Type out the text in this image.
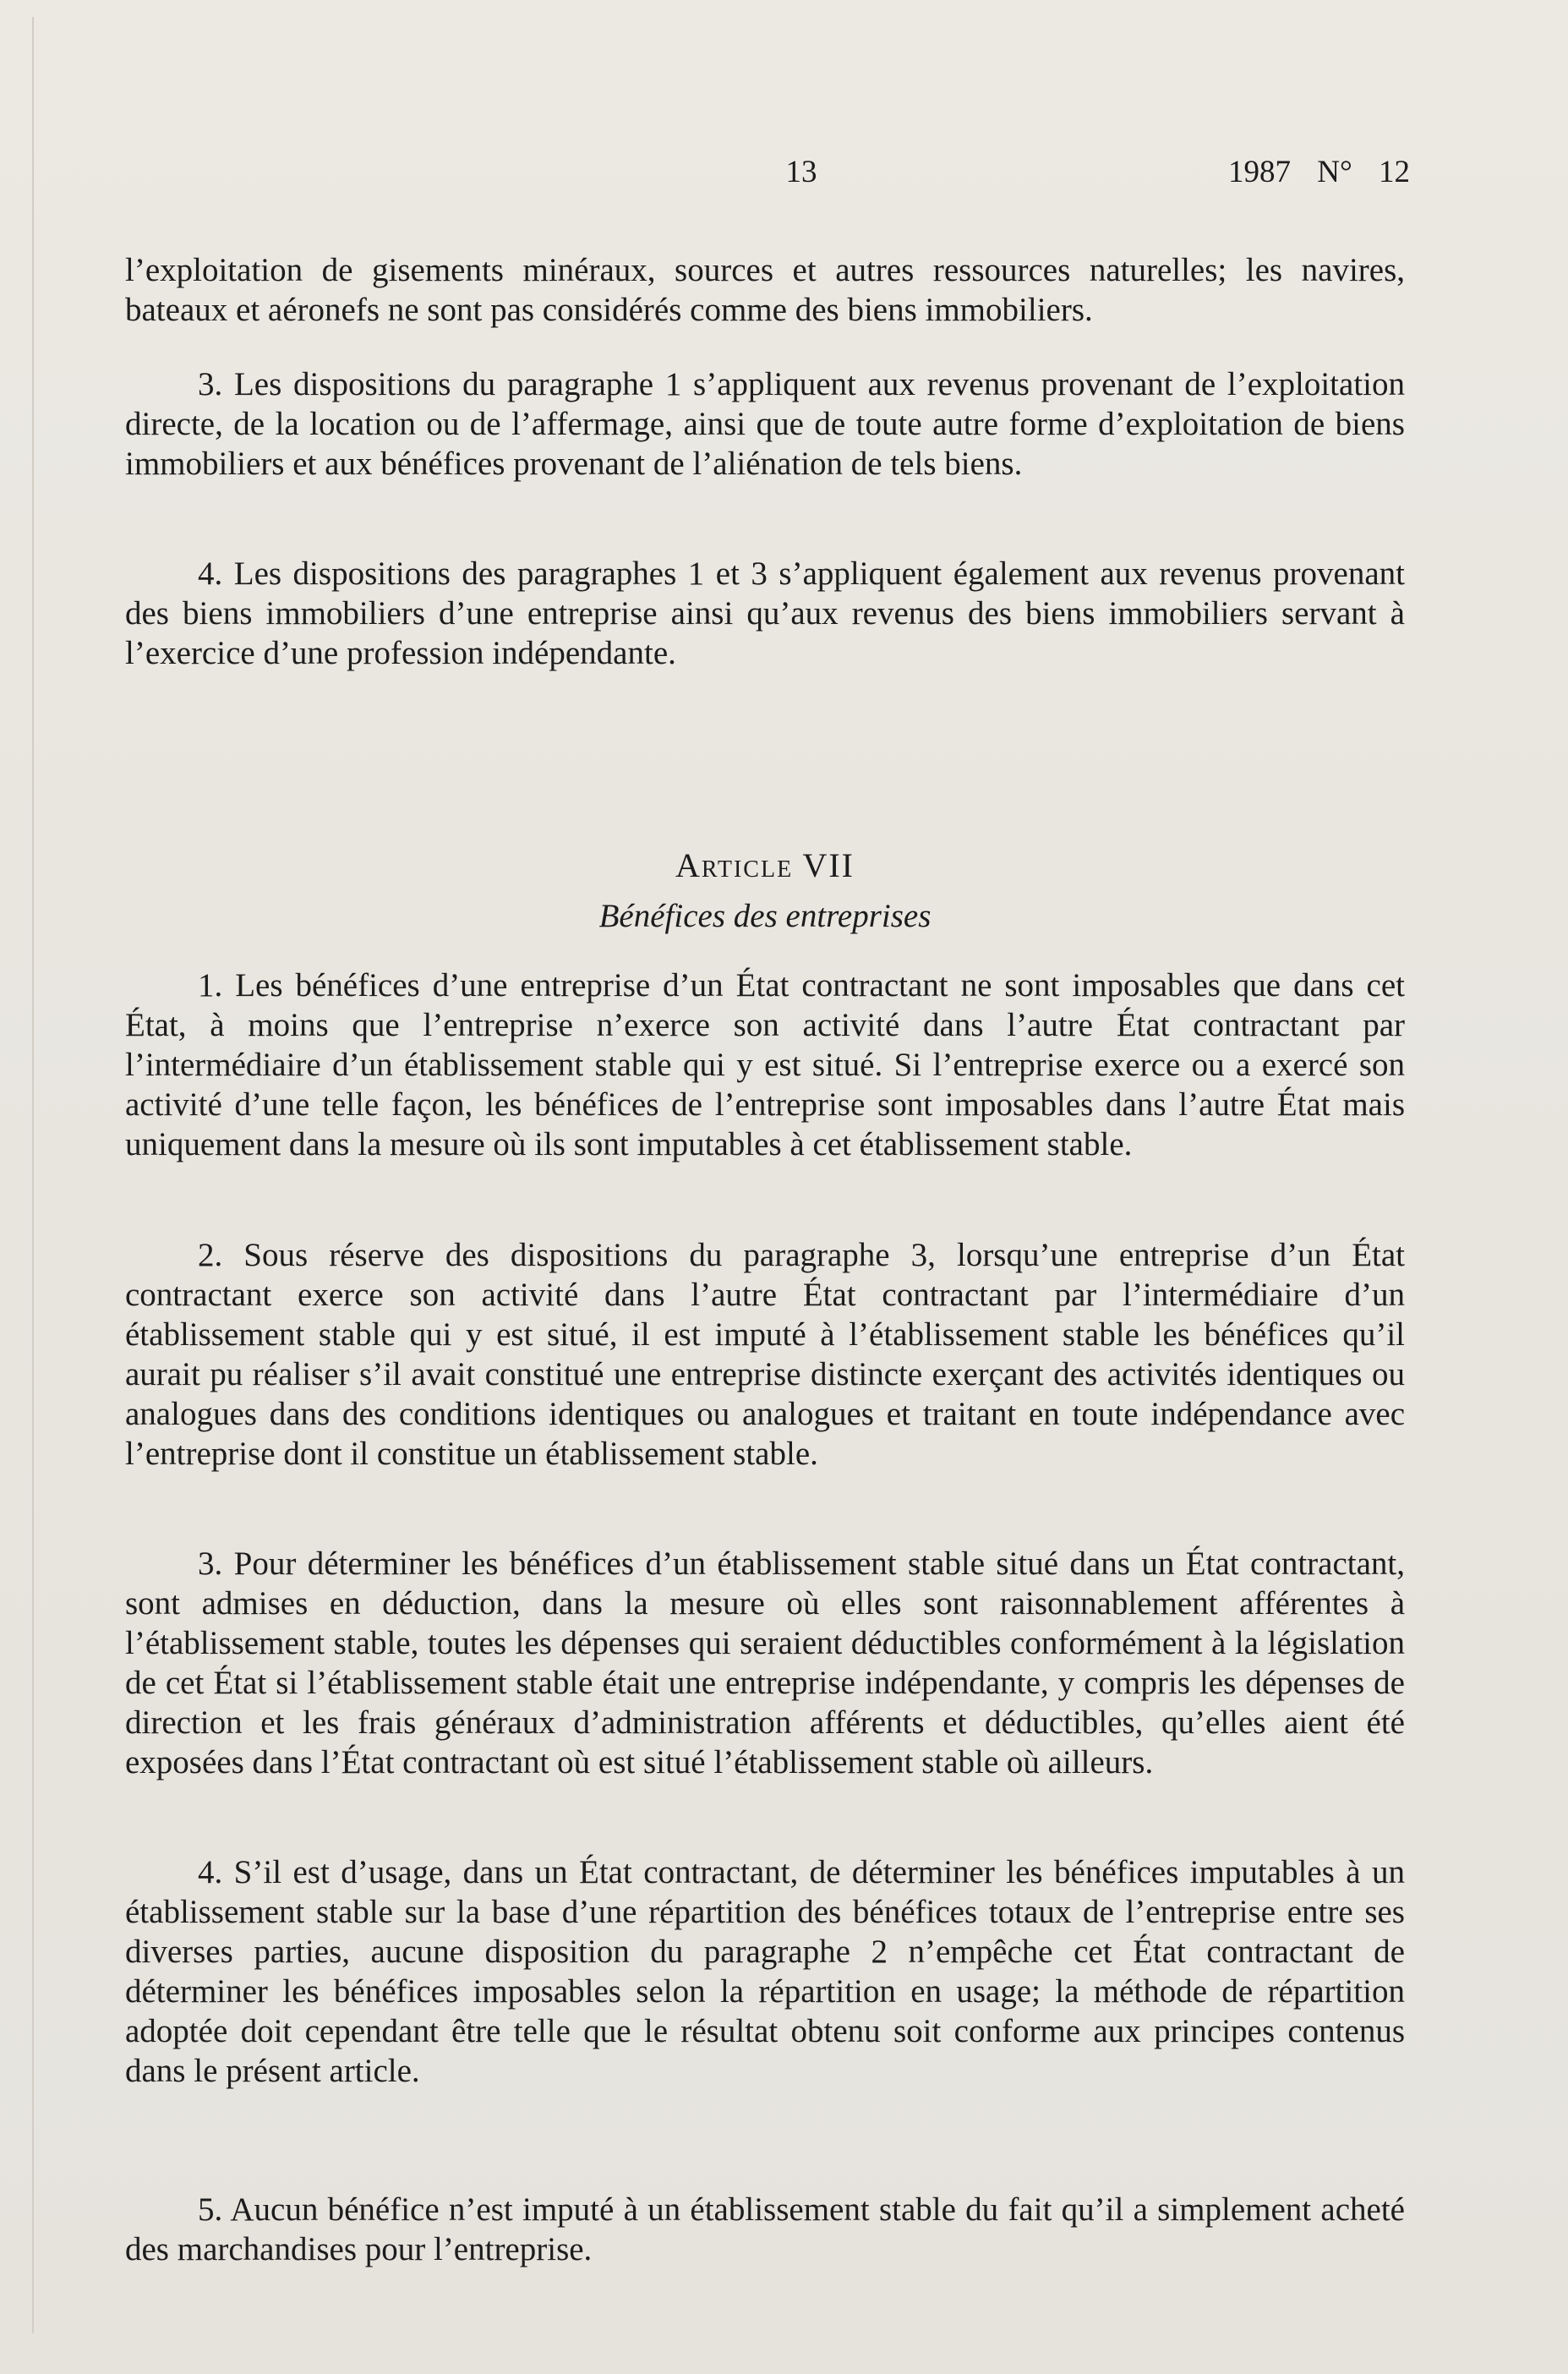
13	1987 N° 12

l’exploitation de gisements minéraux, sources et autres ressources naturelles; les navires, bateaux et aéronefs ne sont pas considérés comme des biens immobiliers.

3. Les dispositions du paragraphe 1 s’appliquent aux revenus provenant de l’exploitation directe, de la location ou de l’affermage, ainsi que de toute autre forme d’exploitation de biens immobiliers et aux bénéfices provenant de l’aliénation de tels biens.

4. Les dispositions des paragraphes 1 et 3 s’appliquent également aux revenus provenant des biens immobiliers d’une entreprise ainsi qu’aux revenus des biens immobiliers servant à l’exercice d’une profession indépendante.

Article VII
Bénéfices des entreprises

1. Les bénéfices d’une entreprise d’un État contractant ne sont imposables que dans cet État, à moins que l’entreprise n’exerce son activité dans l’autre État contractant par l’intermédiaire d’un établissement stable qui y est situé. Si l’entreprise exerce ou a exercé son activité d’une telle façon, les bénéfices de l’entreprise sont imposables dans l’autre État mais uniquement dans la mesure où ils sont imputables à cet établissement stable.

2. Sous réserve des dispositions du paragraphe 3, lorsqu’une entreprise d’un État contractant exerce son activité dans l’autre État contractant par l’intermédiaire d’un établissement stable qui y est situé, il est imputé à l’établissement stable les bénéfices qu’il aurait pu réaliser s’il avait constitué une entreprise distincte exerçant des activités identiques ou analogues dans des conditions identiques ou analogues et traitant en toute indépendance avec l’entreprise dont il constitue un établissement stable.

3. Pour déterminer les bénéfices d’un établissement stable situé dans un État contractant, sont admises en déduction, dans la mesure où elles sont raisonnablement afférentes à l’établissement stable, toutes les dépenses qui seraient déductibles conformément à la législation de cet État si l’établissement stable était une entreprise indépendante, y compris les dépenses de direction et les frais généraux d’administration afférents et déductibles, qu’elles aient été exposées dans l’État contractant où est situé l’établissement stable où ailleurs.

4. S’il est d’usage, dans un État contractant, de déterminer les bénéfices imputables à un établissement stable sur la base d’une répartition des bénéfices totaux de l’entreprise entre ses diverses parties, aucune disposition du paragraphe 2 n’empêche cet État contractant de déterminer les bénéfices imposables selon la répartition en usage; la méthode de répartition adoptée doit cependant être telle que le résultat obtenu soit conforme aux principes contenus dans le présent article.

5. Aucun bénéfice n’est imputé à un établissement stable du fait qu’il a simplement acheté des marchandises pour l’entreprise.
